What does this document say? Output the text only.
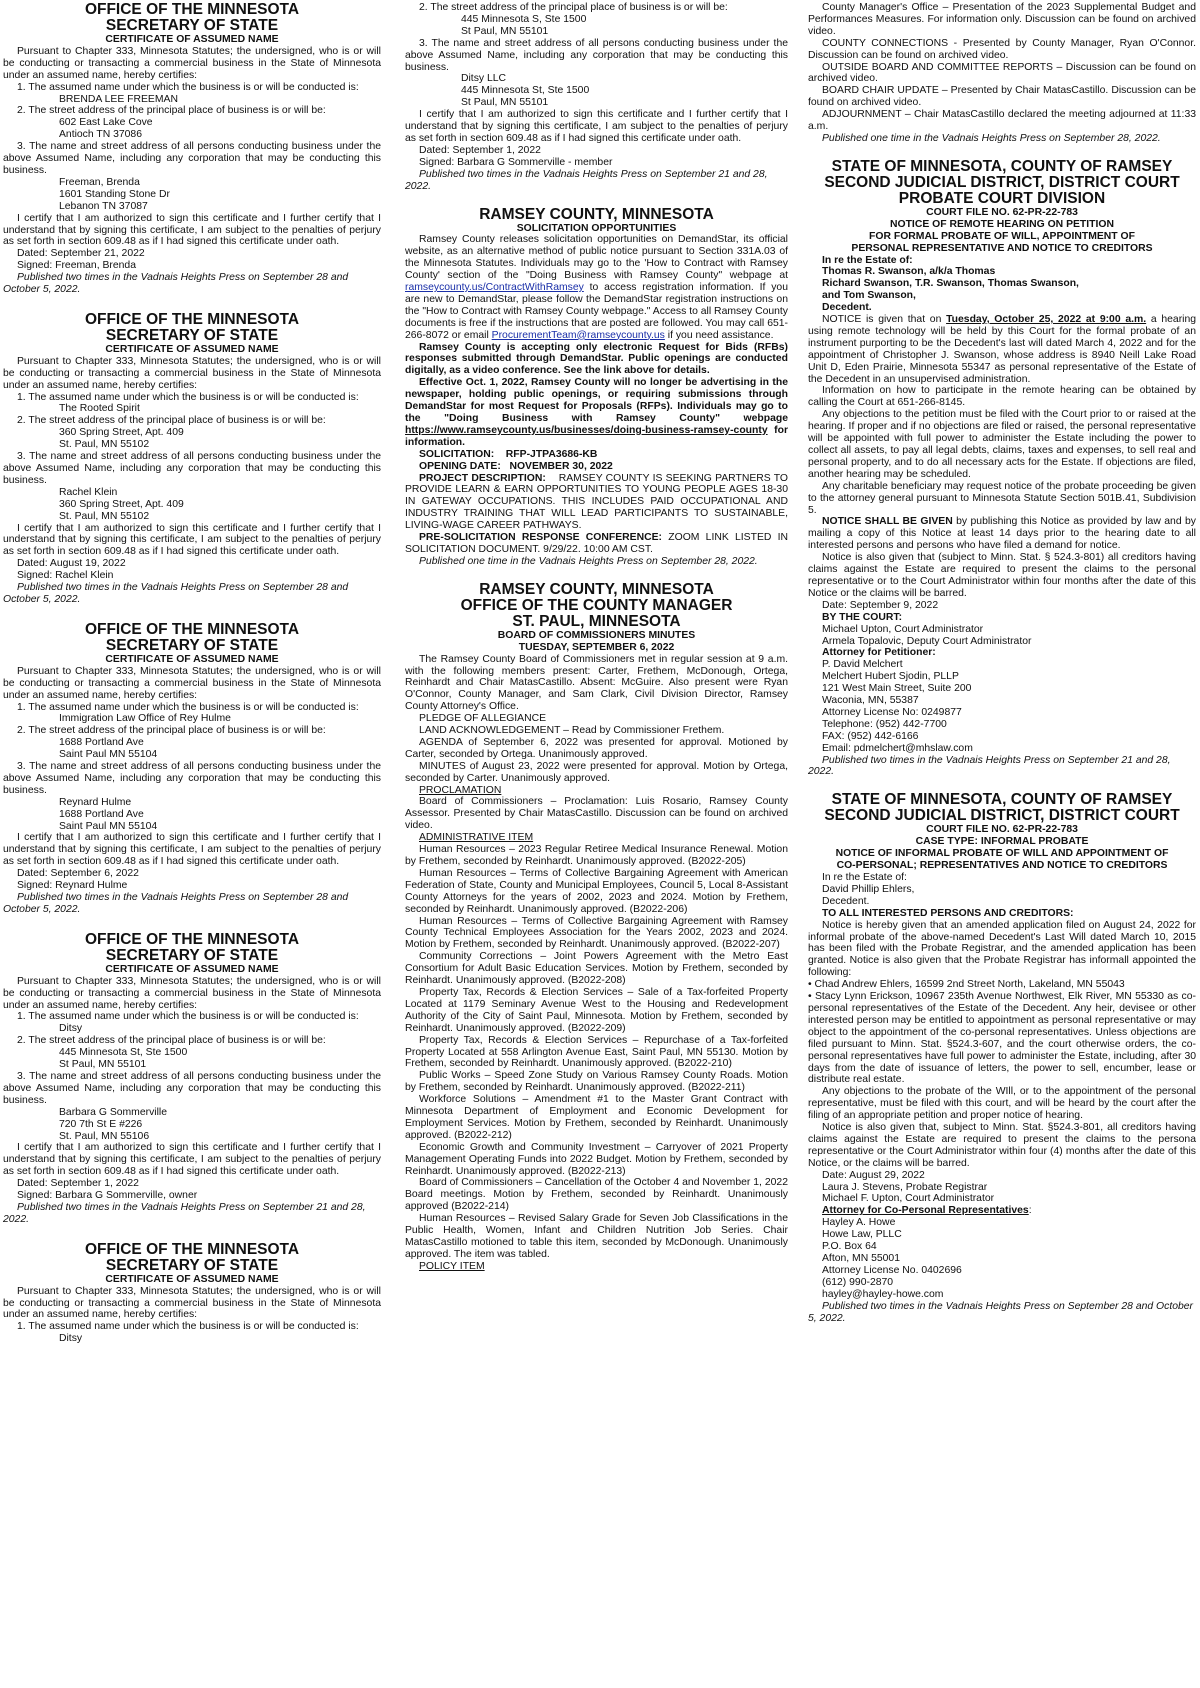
OFFICE OF THE MINNESOTA

SECRETARY OF STATE

CERTIFICATE OF ASSUMED NAME

Pursuant to Chapter 333, Minnesota Statutes; the undersigned, who is or will be conducting or transacting a commercial business in the State of Minnesota under an assumed name, hereby certifies:

1. The assumed name under which the business is or will be conducted is:

BRENDA LEE FREEMAN

2. The street address of the principal place of business is or will be:

602 East Lake Cove

Antioch TN 37086

3. The name and street address of all persons conducting business under the above Assumed Name, including any corporation that may be conducting this business.

Freeman, Brenda

1601 Standing Stone Dr

Lebanon TN 37087

I certify that I am authorized to sign this certificate and I further certify that I understand that by signing this certificate, I am subject to the penalties of perjury as set forth in section 609.48 as if I had signed this certificate under oath.

Dated: September 21, 2022

Signed: Freeman, Brenda

Published two times in the Vadnais Heights Press on September 28 and October 5, 2022.

OFFICE OF THE MINNESOTA

SECRETARY OF STATE

CERTIFICATE OF ASSUMED NAME

Pursuant to Chapter 333, Minnesota Statutes; the undersigned, who is or will be conducting or transacting a commercial business in the State of Minnesota under an assumed name, hereby certifies:

1. The assumed name under which the business is or will be conducted is:

The Rooted Spirit

2. The street address of the principal place of business is or will be:

360 Spring Street, Apt. 409

St. Paul, MN 55102

3. The name and street address of all persons conducting business under the above Assumed Name, including any corporation that may be conducting this business.

Rachel Klein

360 Spring Street, Apt. 409

St. Paul, MN 55102

I certify that I am authorized to sign this certificate and I further certify that I understand that by signing this certificate, I am subject to the penalties of perjury as set forth in section 609.48 as if I had signed this certificate under oath.

Dated: August 19, 2022

Signed: Rachel Klein

Published two times in the Vadnais Heights Press on September 28 and October 5, 2022.

OFFICE OF THE MINNESOTA

SECRETARY OF STATE

CERTIFICATE OF ASSUMED NAME

Pursuant to Chapter 333, Minnesota Statutes; the undersigned, who is or will be conducting or transacting a commercial business in the State of Minnesota under an assumed name, hereby certifies:

1. The assumed name under which the business is or will be conducted is:

Immigration Law Office of Rey Hulme

2. The street address of the principal place of business is or will be:

1688 Portland Ave

Saint Paul MN 55104

3. The name and street address of all persons conducting business under the above Assumed Name, including any corporation that may be conducting this business.

Reynard Hulme

1688 Portland Ave

Saint Paul MN 55104

I certify that I am authorized to sign this certificate and I further certify that I understand that by signing this certificate, I am subject to the penalties of perjury as set forth in section 609.48 as if I had signed this certificate under oath.

Dated: September 6, 2022

Signed: Reynard Hulme

Published two times in the Vadnais Heights Press on September 28 and October 5, 2022.

OFFICE OF THE MINNESOTA

SECRETARY OF STATE

CERTIFICATE OF ASSUMED NAME

Pursuant to Chapter 333, Minnesota Statutes; the undersigned, who is or will be conducting or transacting a commercial business in the State of Minnesota under an assumed name, hereby certifies:

1. The assumed name under which the business is or will be conducted is:

Ditsy

2. The street address of the principal place of business is or will be:

445 Minnesota St, Ste 1500

St Paul, MN 55101

3. The name and street address of all persons conducting business under the above Assumed Name, including any corporation that may be conducting this business.

Barbara G Sommerville

720 7th St E #226

St. Paul, MN 55106

I certify that I am authorized to sign this certificate and I further certify that I understand that by signing this certificate, I am subject to the penalties of perjury as set forth in section 609.48 as if I had signed this certificate under oath.

Dated: September 1, 2022

Signed: Barbara G Sommerville, owner

Published two times in the Vadnais Heights Press on September 21 and 28, 2022.

OFFICE OF THE MINNESOTA

SECRETARY OF STATE

CERTIFICATE OF ASSUMED NAME

Pursuant to Chapter 333, Minnesota Statutes; the undersigned, who is or will be conducting or transacting a commercial business in the State of Minnesota under an assumed name, hereby certifies:

1. The assumed name under which the business is or will be conducted is:

Ditsy

2. The street address of the principal place of business is or will be:

445 Minnesota S, Ste 1500

St Paul, MN 55101

3. The name and street address of all persons conducting business under the above Assumed Name, including any corporation that may be conducting this business.

Ditsy LLC

445 Minnesota St, Ste 1500

St Paul, MN 55101

I certify that I am authorized to sign this certificate and I further certify that I understand that by signing this certificate, I am subject to the penalties of perjury as set forth in section 609.48 as if I had signed this certificate under oath.

Dated: September 1, 2022

Signed: Barbara G Sommerville - member

Published two times in the Vadnais Heights Press on September 21 and 28, 2022.

RAMSEY COUNTY, MINNESOTA

SOLICITATION OPPORTUNITIES

Ramsey County releases solicitation opportunities on DemandStar, its official website, as an alternative method of public notice pursuant to Section 331A.03 of the Minnesota Statutes. Individuals may go to the 'How to Contract with Ramsey County' section of the "Doing Business with Ramsey County" webpage at ramseycounty.us/ContractWithRamsey to access registration information. If you are new to DemandStar, please follow the DemandStar registration instructions on the "How to Contract with Ramsey County webpage." Access to all Ramsey County documents is free if the instructions that are posted are followed. You may call 651-266-8072 or email ProcurementTeam@ramseycounty.us if you need assistance.

Ramsey County is accepting only electronic Request for Bids (RFBs) responses submitted through DemandStar. Public openings are conducted digitally, as a video conference. See the link above for details.

Effective Oct. 1, 2022, Ramsey County will no longer be advertising in the newspaper, holding public openings, or requiring submissions through DemandStar for most Request for Proposals (RFPs). Individuals may go to the "Doing Business with Ramsey County" webpage https://www.ramseycounty.us/businesses/doing-business-ramsey-county for information.

SOLICITATION: RFP-JTPA3686-KB

OPENING DATE: NOVEMBER 30, 2022

PROJECT DESCRIPTION: RAMSEY COUNTY IS SEEKING PARTNERS TO PROVIDE LEARN & EARN OPPORTUNITIES TO YOUNG PEOPLE AGES 18-30 IN GATEWAY OCCUPATIONS. THIS INCLUDES PAID OCCUPATIONAL AND INDUSTRY TRAINING THAT WILL LEAD PARTICIPANTS TO SUSTAINABLE, LIVING-WAGE CAREER PATHWAYS.

PRE-SOLICITATION RESPONSE CONFERENCE: ZOOM LINK LISTED IN SOLICITATION DOCUMENT. 9/29/22. 10:00 AM CST.

Published one time in the Vadnais Heights Press on September 28, 2022.

RAMSEY COUNTY, MINNESOTA

OFFICE OF THE COUNTY MANAGER

ST. PAUL, MINNESOTA

BOARD OF COMMISSIONERS MINUTES

TUESDAY, SEPTEMBER 6, 2022

The Ramsey County Board of Commissioners met in regular session at 9 a.m. with the following members present: Carter, Frethem, McDonough, Ortega, Reinhardt and Chair MatasCastillo. Absent: McGuire. Also present were Ryan O'Connor, County Manager, and Sam Clark, Civil Division Director, Ramsey County Attorney's Office.

PLEDGE OF ALLEGIANCE

LAND ACKNOWLEDGEMENT – Read by Commissioner Frethem.

AGENDA of September 6, 2022 was presented for approval. Motioned by Carter, seconded by Ortega. Unanimously approved.

MINUTES of August 23, 2022 were presented for approval. Motion by Ortega, seconded by Carter. Unanimously approved.

PROCLAMATION

Board of Commissioners – Proclamation: Luis Rosario, Ramsey County Assessor. Presented by Chair MatasCastillo. Discussion can be found on archived video.

ADMINISTRATIVE ITEM

Human Resources – 2023 Regular Retiree Medical Insurance Renewal. Motion by Frethem, seconded by Reinhardt. Unanimously approved. (B2022-205)

Human Resources – Terms of Collective Bargaining Agreement with American Federation of State, County and Municipal Employees, Council 5, Local 8-Assistant County Attorneys for the years of 2002, 2023 and 2024. Motion by Frethem, seconded by Reinhardt. Unanimously approved. (B2022-206)

Human Resources – Terms of Collective Bargaining Agreement with Ramsey County Technical Employees Association for the Years 2002, 2023 and 2024. Motion by Frethem, seconded by Reinhardt. Unanimously approved. (B2022-207)

Community Corrections – Joint Powers Agreement with the Metro East Consortium for Adult Basic Education Services. Motion by Frethem, seconded by Reinhardt. Unanimously approved. (B2022-208)

Property Tax, Records & Election Services – Sale of a Tax-forfeited Property Located at 1179 Seminary Avenue West to the Housing and Redevelopment Authority of the City of Saint Paul, Minnesota. Motion by Frethem, seconded by Reinhardt. Unanimously approved. (B2022-209)

Property Tax, Records & Election Services – Repurchase of a Tax-forfeited Property Located at 558 Arlington Avenue East, Saint Paul, MN 55130. Motion by Frethem, seconded by Reinhardt. Unanimously approved. (B2022-210)

Public Works – Speed Zone Study on Various Ramsey County Roads. Motion by Frethem, seconded by Reinhardt. Unanimously approved. (B2022-211)

Workforce Solutions – Amendment #1 to the Master Grant Contract with Minnesota Department of Employment and Economic Development for Employment Services. Motion by Frethem, seconded by Reinhardt. Unanimously approved. (B2022-212)

Economic Growth and Community Investment – Carryover of 2021 Property Management Operating Funds into 2022 Budget. Motion by Frethem, seconded by Reinhardt. Unanimously approved. (B2022-213)

Board of Commissioners – Cancellation of the October 4 and November 1, 2022 Board meetings. Motion by Frethem, seconded by Reinhardt. Unanimously approved (B2022-214)

Human Resources – Revised Salary Grade for Seven Job Classifications in the Public Health, Women, Infant and Children Nutrition Job Series. Chair MatasCastillo motioned to table this item, seconded by McDonough. Unanimously approved. The item was tabled.

POLICY ITEM

County Manager's Office – Presentation of the 2023 Supplemental Budget and Performances Measures. For information only. Discussion can be found on archived video.

COUNTY CONNECTIONS - Presented by County Manager, Ryan O'Connor. Discussion can be found on archived video.

OUTSIDE BOARD AND COMMITTEE REPORTS – Discussion can be found on archived video.

BOARD CHAIR UPDATE – Presented by Chair MatasCastillo. Discussion can be found on archived video.

ADJOURNMENT – Chair MatasCastillo declared the meeting adjourned at 11:33 a.m.

Published one time in the Vadnais Heights Press on September 28, 2022.

STATE OF MINNESOTA, COUNTY OF RAMSEY

SECOND JUDICIAL DISTRICT, DISTRICT COURT

PROBATE COURT DIVISION

COURT FILE NO. 62-PR-22-783

NOTICE OF REMOTE HEARING ON PETITION

FOR FORMAL PROBATE OF WILL, APPOINTMENT OF

PERSONAL REPRESENTATIVE AND NOTICE TO CREDITORS

In re the Estate of:

Thomas R. Swanson, a/k/a Thomas

Richard Swanson, T.R. Swanson, Thomas Swanson,

and Tom Swanson,

Decedent.

NOTICE is given that on Tuesday, October 25, 2022 at 9:00 a.m. a hearing using remote technology will be held by this Court for the formal probate of an instrument purporting to be the Decedent's last will dated March 4, 2022 and for the appointment of Christopher J. Swanson, whose address is 8940 Neill Lake Road Unit D, Eden Prairie, Minnesota 55347 as personal representative of the Estate of the Decedent in an unsupervised administration.

Information on how to participate in the remote hearing can be obtained by calling the Court at 651-266-8145.

Any objections to the petition must be filed with the Court prior to or raised at the hearing. If proper and if no objections are filed or raised, the personal representative will be appointed with full power to administer the Estate including the power to collect all assets, to pay all legal debts, claims, taxes and expenses, to sell real and personal property, and to do all necessary acts for the Estate. If objections are filed, another hearing may be scheduled.

Any charitable beneficiary may request notice of the probate proceeding be given to the attorney general pursuant to Minnesota Statute Section 501B.41, Subdivision 5.

NOTICE SHALL BE GIVEN by publishing this Notice as provided by law and by mailing a copy of this Notice at least 14 days prior to the hearing date to all interested persons and persons who have filed a demand for notice.

Notice is also given that (subject to Minn. Stat. § 524.3-801) all creditors having claims against the Estate are required to present the claims to the personal representative or to the Court Administrator within four months after the date of this Notice or the claims will be barred.

Date: September 9, 2022

BY THE COURT:

Michael Upton, Court Administrator

Armela Topalovic, Deputy Court Administrator

Attorney for Petitioner:

P. David Melchert

Melchert Hubert Sjodin, PLLP

121 West Main Street, Suite 200

Waconia, MN, 55387

Attorney License No: 0249877

Telephone: (952) 442-7700

FAX: (952) 442-6166

Email: pdmelchert@mhslaw.com

Published two times in the Vadnais Heights Press on September 21 and 28, 2022.

STATE OF MINNESOTA, COUNTY OF RAMSEY

SECOND JUDICIAL DISTRICT, DISTRICT COURT

COURT FILE NO. 62-PR-22-783

CASE TYPE: INFORMAL PROBATE

NOTICE OF INFORMAL PROBATE OF WILL AND APPOINTMENT OF

CO-PERSONAL; REPRESENTATIVES AND NOTICE TO CREDITORS

In re the Estate of:

David Phillip Ehlers,

Decedent.

TO ALL INTERESTED PERSONS AND CREDITORS:

Notice is hereby given that an amended application filed on August 24, 2022 for informal probate of the above-named Decedent's Last Will dated March 10, 2015 has been filed with the Probate Registrar, and the amended application has been granted. Notice is also given that the Probate Registrar has informall appointed the following:

• Chad Andrew Ehlers, 16599 2nd Street North, Lakeland, MN 55043

• Stacy Lynn Erickson, 10967 235th Avenue Northwest, Elk River, MN 55330 as co-personal representatives of the Estate of the Decedent. Any heir, devisee or other interested person may be entitled to appointment as personal representative or may object to the appointment of the co-personal representatives. Unless objections are filed pursuant to Minn. Stat. §524.3-607, and the court otherwise orders, the co-personal representatives have full power to administer the Estate, including, after 30 days from the date of issuance of letters, the power to sell, encumber, lease or distribute real estate.

Any objections to the probate of the WIll, or to the appointment of the personal representative, must be filed with this court, and will be heard by the court after the filing of an appropriate petition and proper notice of hearing.

Notice is also given that, subject to Minn. Stat. §524.3-801, all creditors having claims against the Estate are required to present the claims to the persona representative or the Court Administrator within four (4) months after the date of this Notice, or the claims will be barred.

Date: August 29, 2022

Laura J. Stevens, Probate Registrar

Michael F. Upton, Court Administrator

Attorney for Co-Personal Representatives:

Hayley A. Howe

Howe Law, PLLC

P.O. Box 64

Afton, MN 55001

Attorney License No. 0402696

(612) 990-2870

hayley@hayley-howe.com

Published two times in the Vadnais Heights Press on September 28 and October 5, 2022.
